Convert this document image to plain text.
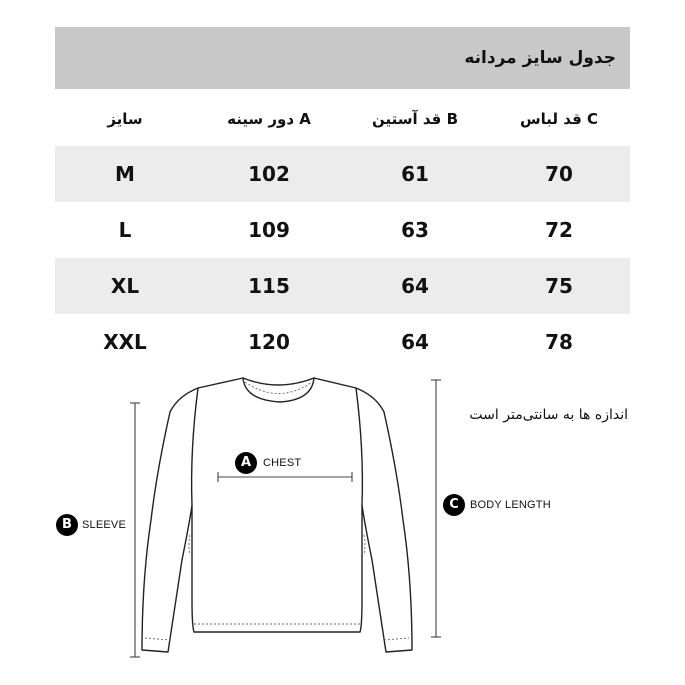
جدول سایز مردانه
سایز	A دور سینه	B قد آستین	C قد لباس
M	102	61	70
L	109	63	72
XL	115	64	75
XXL	120	64	78
A	CHEST
B SLEEVE
C	BODY LENGTH
اندازه ها به سانتی‌متر است
